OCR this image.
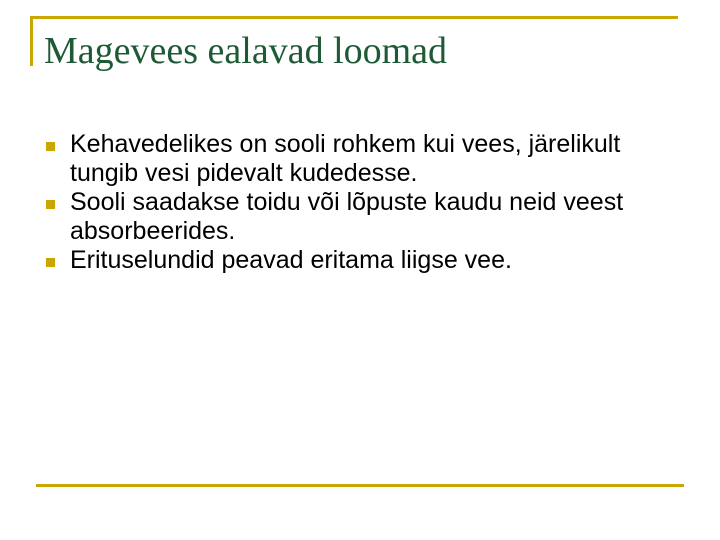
Magevees ealavad loomad
Kehavedelikes on sooli rohkem kui vees, järelikult tungib vesi pidevalt kudedesse.
Sooli saadakse toidu või lõpuste kaudu neid veest absorbeerides.
Erituselundid peavad eritama liigse vee.
